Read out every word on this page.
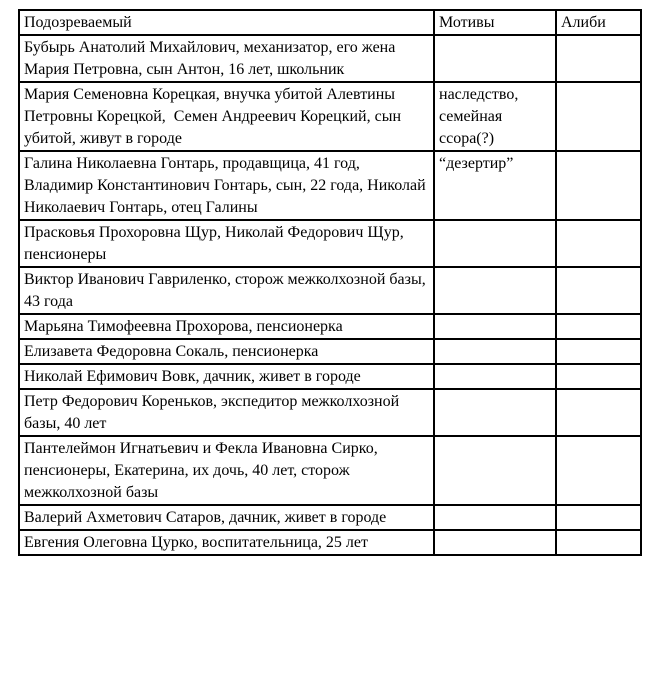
Подозреваемый	Мотивы	Алиби
Бубырь Анатолий Михайлович, механизатор, его жена Мария Петровна, сын Антон, 16 лет, школьник		
Мария Семеновна Корецкая, внучка убитой Алевтины Петровны Корецкой,  Семен Андреевич Корецкий, сын убитой, живут в городе	наследство, семейная ссора(?)	
Галина Николаевна Гонтарь, продавщица, 41 год, Владимир Константинович Гонтарь, сын, 22 года, Николай Николаевич Гонтарь, отец Галины	“дезертир”	
Прасковья Прохоровна Щур, Николай Федорович Щур, пенсионеры		
Виктор Иванович Гавриленко, сторож межколхозной базы, 43 года		
Марьяна Тимофеевна Прохорова, пенсионерка		
Елизавета Федоровна Сокаль, пенсионерка		
Николай Ефимович Вовк, дачник, живет в городе		
Петр Федорович Кореньков, экспедитор межколхозной базы, 40 лет		
Пантелеймон Игнатьевич и Фекла Ивановна Сирко, пенсионеры, Екатерина, их дочь, 40 лет, сторож межколхозной базы		
Валерий Ахметович Сатаров, дачник, живет в городе		
Евгения Олеговна Цурко, воспитательница, 25 лет		
